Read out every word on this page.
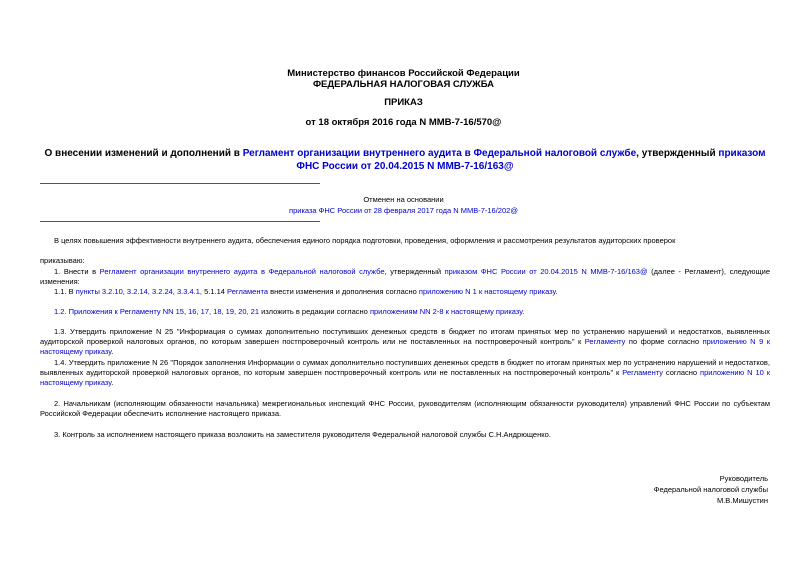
Министерство финансов Российской Федерации
ФЕДЕРАЛЬНАЯ НАЛОГОВАЯ СЛУЖБА
ПРИКАЗ
от 18 октября 2016 года N ММВ-7-16/570@
О внесении изменений и дополнений в Регламент организации внутреннего аудита в Федеральной налоговой службе, утвержденный приказом ФНС России от 20.04.2015 N ММВ-7-16/163@
Отменен на основании
приказа ФНС России от 28 февраля 2017 года N ММВ-7-16/202@
В целях повышения эффективности внутреннего аудита, обеспечения единого порядка подготовки, проведения, оформления и рассмотрения результатов аудиторских проверок
приказываю:
1. Внести в Регламент организации внутреннего аудита в Федеральной налоговой службе, утвержденный приказом ФНС России от 20.04.2015 N ММВ-7-16/163@ (далее - Регламент), следующие изменения:
1.1. В пункты 3.2.10, 3.2.14, 3.2.24, 3.3.4.1, 5.1.14 Регламента внести изменения и дополнения согласно приложению N 1 к настоящему приказу.
1.2. Приложения к Регламенту NN 15, 16, 17, 18, 19, 20, 21 изложить в редакции согласно приложениям NN 2-8 к настоящему приказу.
1.3. Утвердить приложение N 25 "Информация о суммах дополнительно поступивших денежных средств в бюджет по итогам принятых мер по устранению нарушений и недостатков, выявленных аудиторской проверкой налоговых органов, по которым завершен постпроверочный контроль или не поставленных на постпроверочный контроль" к Регламенту по форме согласно приложению N 9 к настоящему приказу.
1.4. Утвердить приложение N 26 "Порядок заполнения Информации о суммах дополнительно поступивших денежных средств в бюджет по итогам принятых мер по устранению нарушений и недостатков, выявленных аудиторской проверкой налоговых органов, по которым завершен постпроверочный контроль или не поставленных на постпроверочный контроль" к Регламенту согласно приложению N 10 к настоящему приказу.
2. Начальникам (исполняющим обязанности начальника) межрегиональных инспекций ФНС России, руководителям (исполняющим обязанности руководителя) управлений ФНС России по субъектам Российской Федерации обеспечить исполнение настоящего приказа.
3. Контроль за исполнением настоящего приказа возложить на заместителя руководителя Федеральной налоговой службы С.Н.Андрющенко.
Руководитель
Федеральной налоговой службы
М.В.Мишустин
